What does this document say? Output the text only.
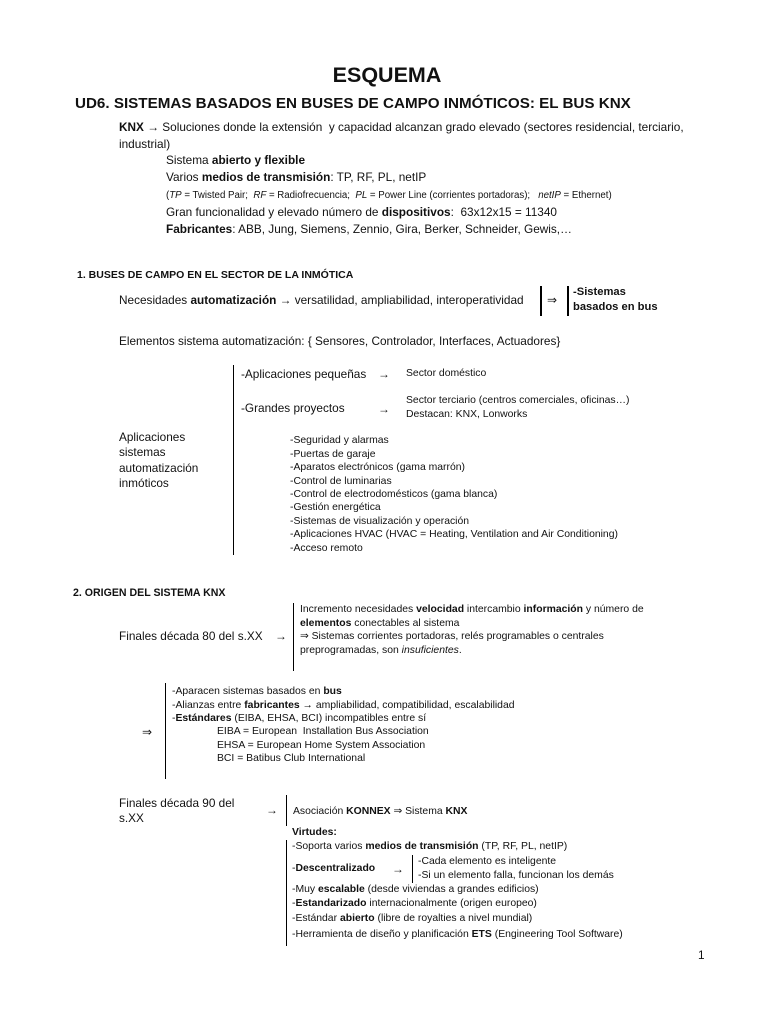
ESQUEMA
UD6. SISTEMAS BASADOS EN BUSES DE CAMPO INMÓTICOS: EL BUS KNX
KNX → Soluciones donde la extensión  y capacidad alcanzan grado elevado (sectores residencial, terciario, industrial)
Sistema abierto y flexible
Varios medios de transmisión: TP, RF, PL, netIP
(TP = Twisted Pair;  RF = Radiofrecuencia;  PL = Power Line (corrientes portadoras);   netIP = Ethernet)
Gran funcionalidad y elevado número de dispositivos:  63x12x15 = 11340
Fabricantes: ABB, Jung, Siemens, Zennio, Gira, Berker, Schneider, Gewis,…
1. BUSES DE CAMPO EN EL SECTOR DE LA INMÓTICA
Necesidades automatización → versatilidad, ampliabilidad, interoperatividad ⇒
-Sistemas basados en bus
Elementos sistema automatización: { Sensores, Controlador, Interfaces, Actuadores}
-Aplicaciones pequeñas → Sector doméstico
-Grandes proyectos	→
Sector terciario (centros comerciales, oficinas…)
Destacan: KNX, Lonworks
Aplicaciones sistemas automatización inmóticos
-Seguridad y alarmas
-Puertas de garaje
-Aparatos electrónicos (gama marrón)
-Control de luminarias
-Control de electrodomésticos (gama blanca)
-Gestión energética
-Sistemas de visualización y operación
-Aplicaciones HVAC (HVAC = Heating, Ventilation and Air Conditioning)
-Acceso remoto
2. ORIGEN DEL SISTEMA KNX
Finales década 80 del s.XX →
Incremento necesidades velocidad intercambio información y número de
elementos conectables al sistema
⇒ Sistemas corrientes portadoras, relés programables o centrales
preprogramadas, son insuficientes.
⇒
-Aparacen sistemas basados en bus
-Alianzas entre fabricantes → ampliabilidad, compatibilidad, escalabilidad
-Estándares (EIBA, EHSA, BCI) incompatibles entre sí
EIBA = European  Installation Bus Association
EHSA = European Home System Association
BCI = Batibus Club International
Finales década 90 del s.XX
→ Asociación KONNEX ⇒ Sistema KNX
Virtudes:
-Soporta varios medios de transmisión (TP, RF, PL, netIP)
-Descentralizado →
-Cada elemento es inteligente
-Si un elemento falla, funcionan los demás
-Muy escalable (desde viviendas a grandes edificios)
-Estandarizado internacionalmente (origen europeo)
-Estándar abierto (libre de royalties a nivel mundial)
-Herramienta de diseño y planificación ETS (Engineering Tool Software)
1
